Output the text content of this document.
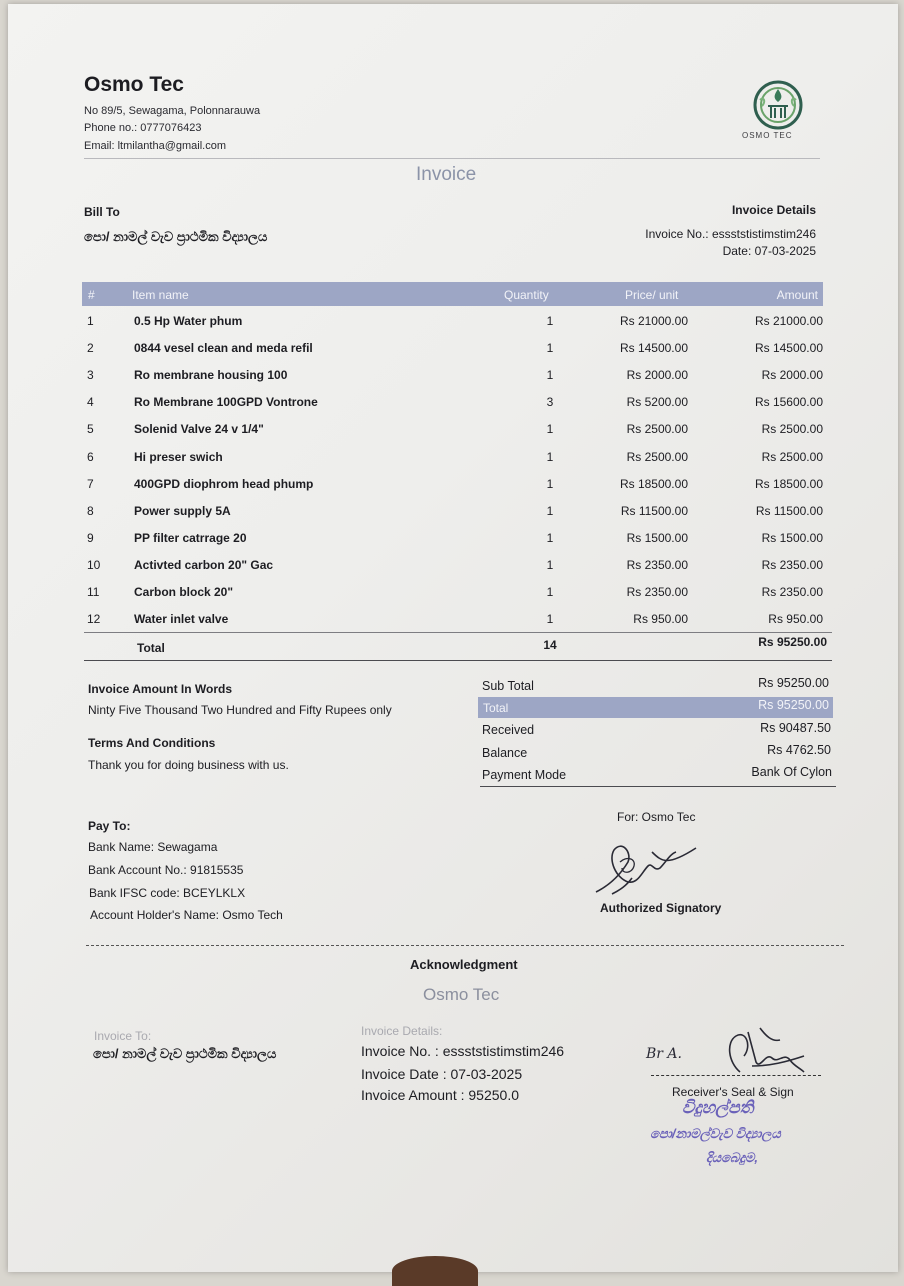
Osmo Tec
No 89/5, Sewagama, Polonnarauwa
Phone no.: 0777076423
Email: ltmilantha@gmail.com
OSMO TEC
Invoice
Bill To
පො/ නාමල් වැව ප්‍රාථමික විද්‍යාලය
Invoice Details
Invoice No.: essststistimstim246
Date: 07-03-2025
#	Item name	Quantity	Price/ unit	Amount
1	0.5 Hp Water phum	1	Rs 21000.00	Rs 21000.00
2	0844 vesel clean and meda refil	1	Rs 14500.00	Rs 14500.00
3	Ro membrane housing 100	1	Rs 2000.00	Rs 2000.00
4	Ro Membrane 100GPD Vontrone	3	Rs 5200.00	Rs 15600.00
5	Solenid Valve 24 v 1/4"	1	Rs 2500.00	Rs 2500.00
6	Hi preser swich	1	Rs 2500.00	Rs 2500.00
7	400GPD diophrom head phump	1	Rs 18500.00	Rs 18500.00
8	Power supply 5A	1	Rs 11500.00	Rs 11500.00
9	PP filter catrrage 20	1	Rs 1500.00	Rs 1500.00
10	Activted carbon 20" Gac	1	Rs 2350.00	Rs 2350.00
11	Carbon block 20"	1	Rs 2350.00	Rs 2350.00
12	Water inlet valve	1	Rs 950.00	Rs 950.00
Total	14	Rs 95250.00
Invoice Amount In Words
Ninty Five Thousand Two Hundred and Fifty Rupees only
Terms And Conditions
Thank you for doing business with us.
Sub Total	Rs 95250.00
Total	Rs 95250.00
Received	Rs 90487.50
Balance	Rs 4762.50
Payment Mode	Bank Of Cylon
Pay To:
Bank Name: Sewagama
Bank Account No.: 91815535
Bank IFSC code: BCEYLKLX
Account Holder's Name: Osmo Tech
For: Osmo Tec
Authorized Signatory
Acknowledgment
Osmo Tec
Invoice To:
පො/ නාමල් වැව ප්‍රාථමික විද්‍යාලය
Invoice Details:
Invoice No. : essststistimstim246
Invoice Date : 07-03-2025
Invoice Amount : 95250.0
Br A.
Receiver's Seal & Sign
විදුහල්පති
පො/නාමල්වැව විද්‍යාලය
දියබෙදුම,
